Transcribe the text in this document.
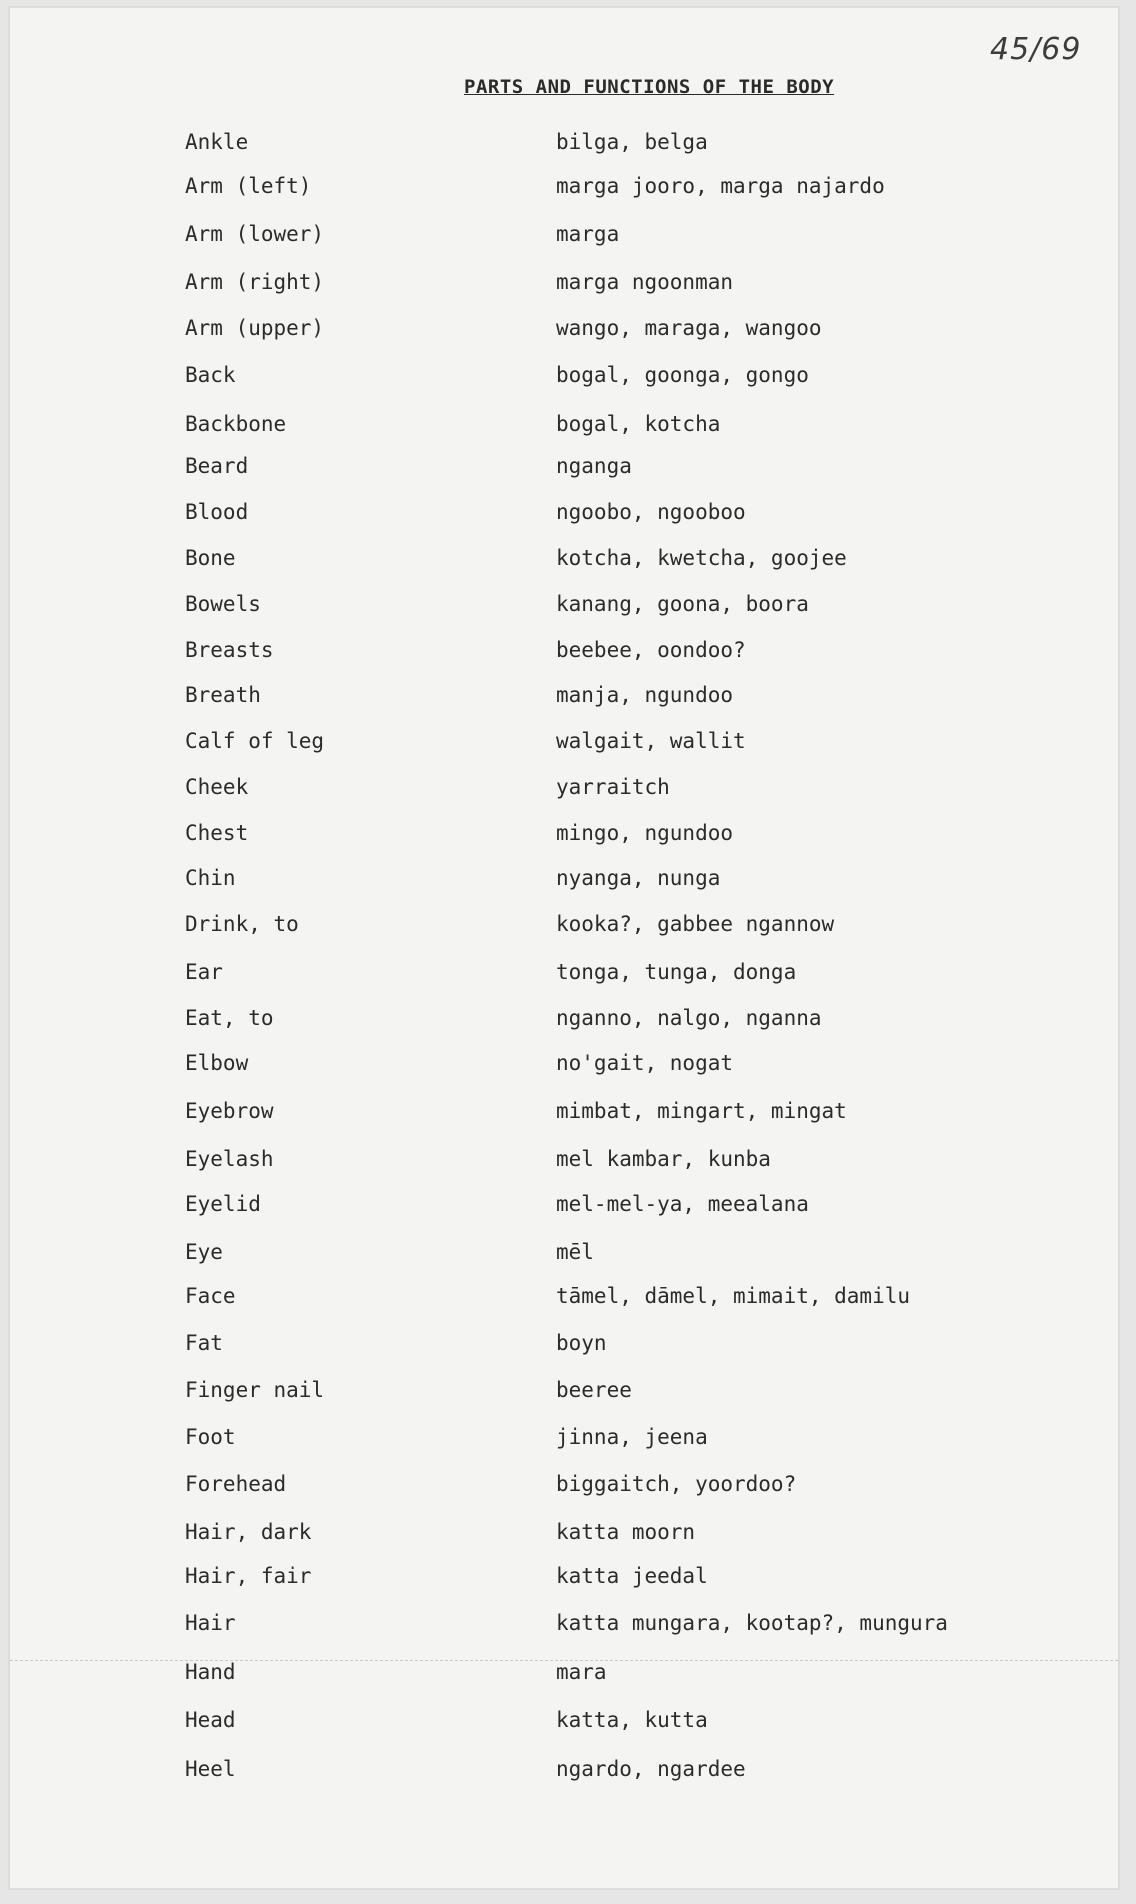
45/69
PARTS AND FUNCTIONS OF THE BODY
Ankle	bilga, belga
Arm (left)	marga jooro, marga najardo
Arm (lower)	marga
Arm (right)	marga ngoonman
Arm (upper)	wango, maraga, wangoo
Back	bogal, goonga, gongo
Backbone	bogal, kotcha
Beard	nganga
Blood	ngoobo, ngooboo
Bone	kotcha, kwetcha, goojee
Bowels	kanang, goona, boora
Breasts	beebee, oondoo?
Breath	manja, ngundoo
Calf of leg	walgait, wallit
Cheek	yarraitch
Chest	mingo, ngundoo
Chin	nyanga, nunga
Drink, to	kooka?, gabbee ngannow
Ear	tonga, tunga, donga
Eat, to	nganno, nalgo, nganna
Elbow	no'gait, nogat
Eyebrow	mimbat, mingart, mingat
Eyelash	mel kambar, kunba
Eyelid	mel-mel-ya, meealana
Eye	mēl
Face	tāmel, dāmel, mimait, damilu
Fat	boyn
Finger nail	beeree
Foot	jinna, jeena
Forehead	biggaitch, yoordoo?
Hair, dark	katta moorn
Hair, fair	katta jeedal
Hair	katta mungara, kootap?, mungura
Hand	mara
Head	katta, kutta
Heel	ngardo, ngardee
